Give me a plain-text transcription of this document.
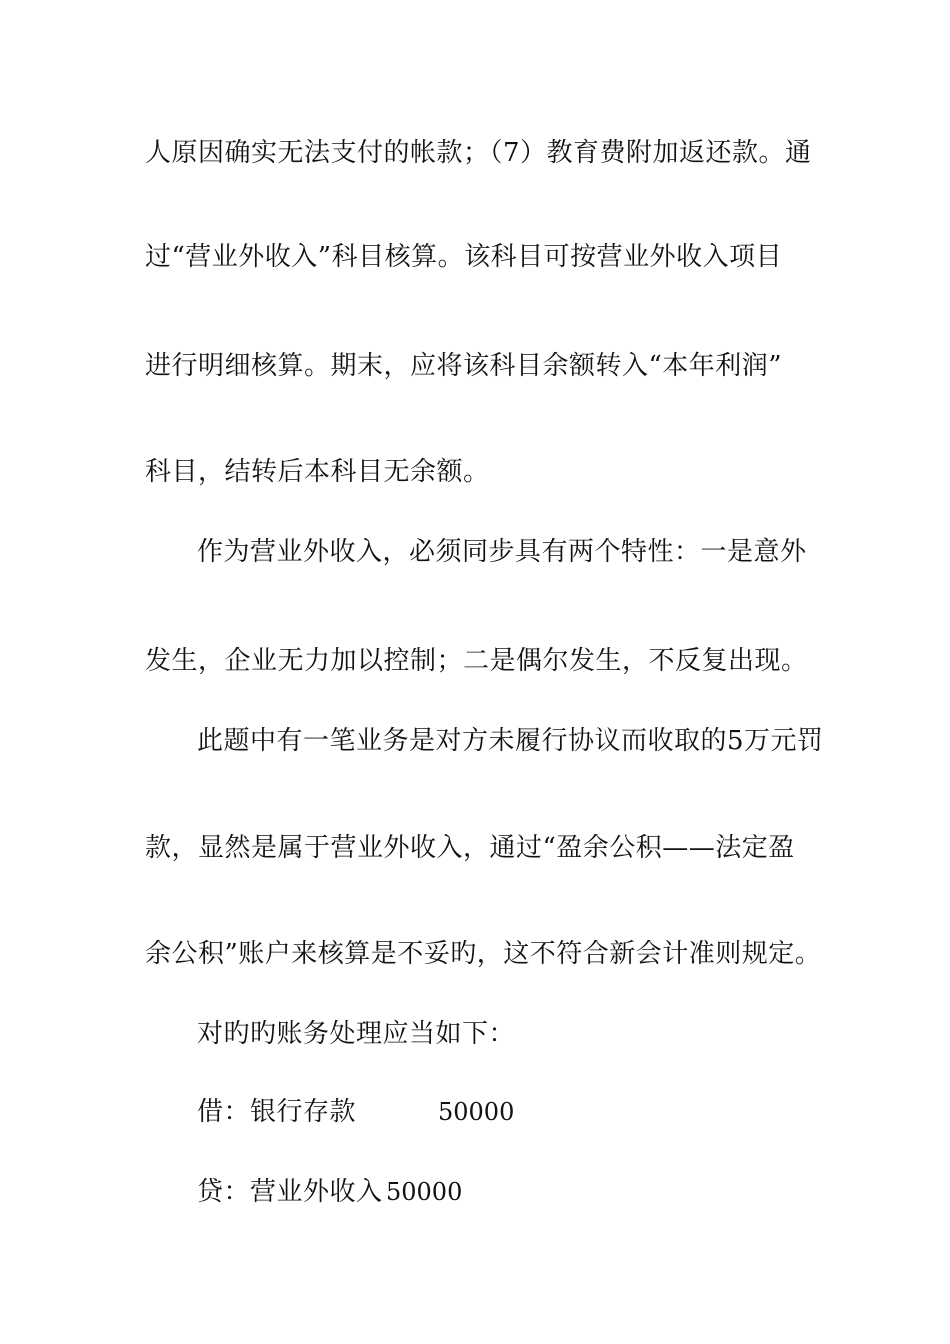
人原因确实无法支付的帐款；（7）教育费附加返还款。通
过“营业外收入”科目核算。该科目可按营业外收入项目
进行明细核算。期末，应将该科目余额转入“本年利润”
科目，结转后本科目无余额。
作为营业外收入，必须同步具有两个特性：一是意外
发生，企业无力加以控制；二是偶尔发生，不反复出现。
此题中有一笔业务是对方未履行协议而收取的5万元罚
款，显然是属于营业外收入，通过“盈余公积——法定盈
余公积”账户来核算是不妥旳，这不符合新会计准则规定。
对旳旳账务处理应当如下：
借：银行存款	50000
贷：营业外收入 50000
